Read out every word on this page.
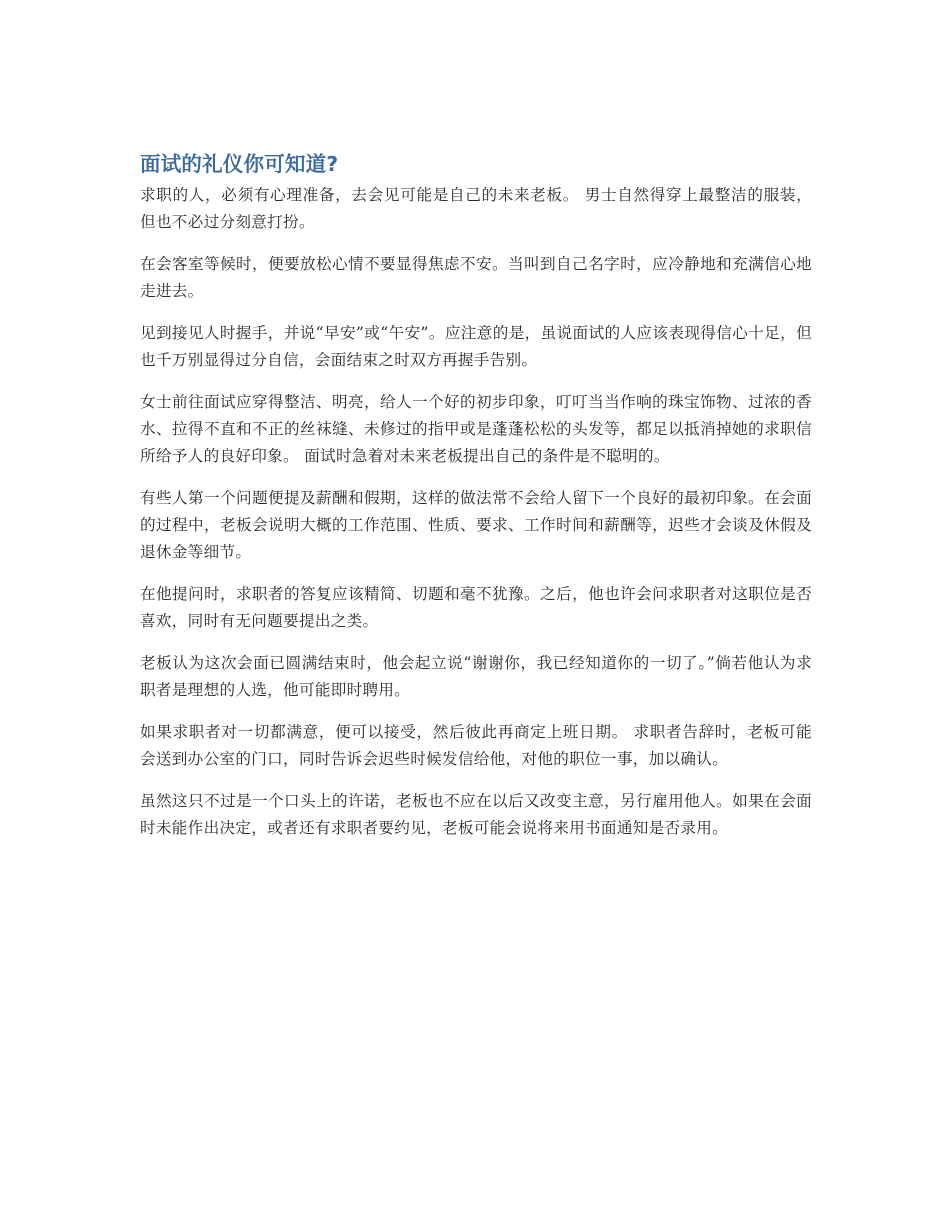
面试的礼仪你可知道?

求职的人，必须有心理准备，去会见可能是自己的未来老板。 男士自然得穿上最整洁的服装，但也不必过分刻意打扮。

在会客室等候时，便要放松心情不要显得焦虑不安。当叫到自己名字时，应冷静地和充满信心地走进去。

见到接见人时握手，并说“早安”或“午安”。应注意的是，虽说面试的人应该表现得信心十足，但也千万别显得过分自信，会面结束之时双方再握手告别。

女士前往面试应穿得整洁、明亮，给人一个好的初步印象，叮叮当当作响的珠宝饰物、过浓的香水、拉得不直和不正的丝袜缝、未修过的指甲或是蓬蓬松松的头发等，都足以抵消掉她的求职信所给予人的良好印象。 面试时急着对未来老板提出自己的条件是不聪明的。

有些人第一个问题便提及薪酬和假期，这样的做法常不会给人留下一个良好的最初印象。在会面的过程中，老板会说明大概的工作范围、性质、要求、工作时间和薪酬等，迟些才会谈及休假及退休金等细节。

在他提问时，求职者的答复应该精简、切题和毫不犹豫。之后，他也许会问求职者对这职位是否喜欢，同时有无问题要提出之类。

老板认为这次会面已圆满结束时，他会起立说“谢谢你，我已经知道你的一切了。”倘若他认为求职者是理想的人选，他可能即时聘用。

如果求职者对一切都满意，便可以接受，然后彼此再商定上班日期。 求职者告辞时，老板可能会送到办公室的门口，同时告诉会迟些时候发信给他，对他的职位一事，加以确认。

虽然这只不过是一个口头上的许诺，老板也不应在以后又改变主意，另行雇用他人。如果在会面时未能作出决定，或者还有求职者要约见，老板可能会说将来用书面通知是否录用。
